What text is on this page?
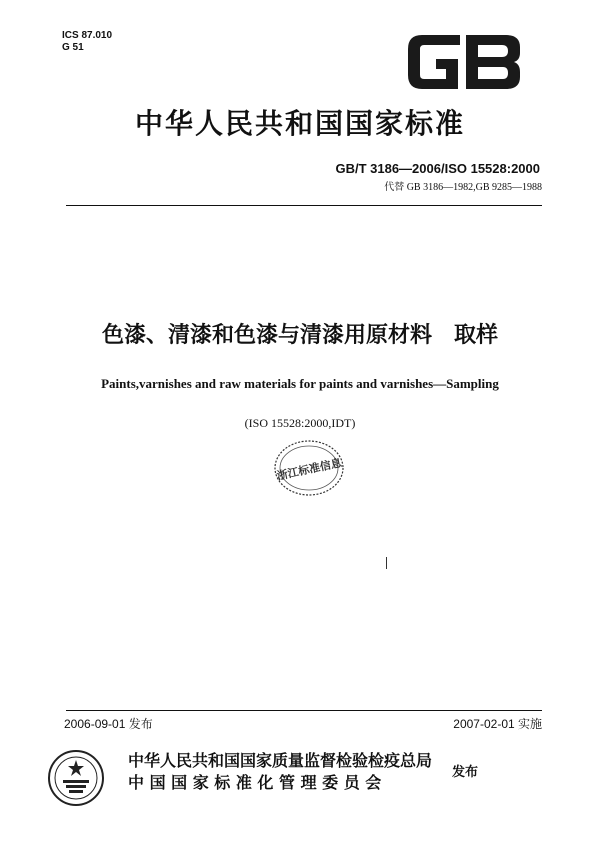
ICS 87.010
G 51
GB
中华人民共和国国家标准
GB/T 3186—2006/ISO 15528:2000
代替 GB 3186—1982,GB 9285—1988
色漆、清漆和色漆与清漆用原材料　取样
Paints,varnishes and raw materials for paints and varnishes—Sampling
(ISO 15528:2000,IDT)
浙江标准信息
2006-09-01 发布	2007-02-01 实施
中华人民共和国国家质量监督检验检疫总局
中 国 国 家 标 准 化 管 理 委 员 会
发布
